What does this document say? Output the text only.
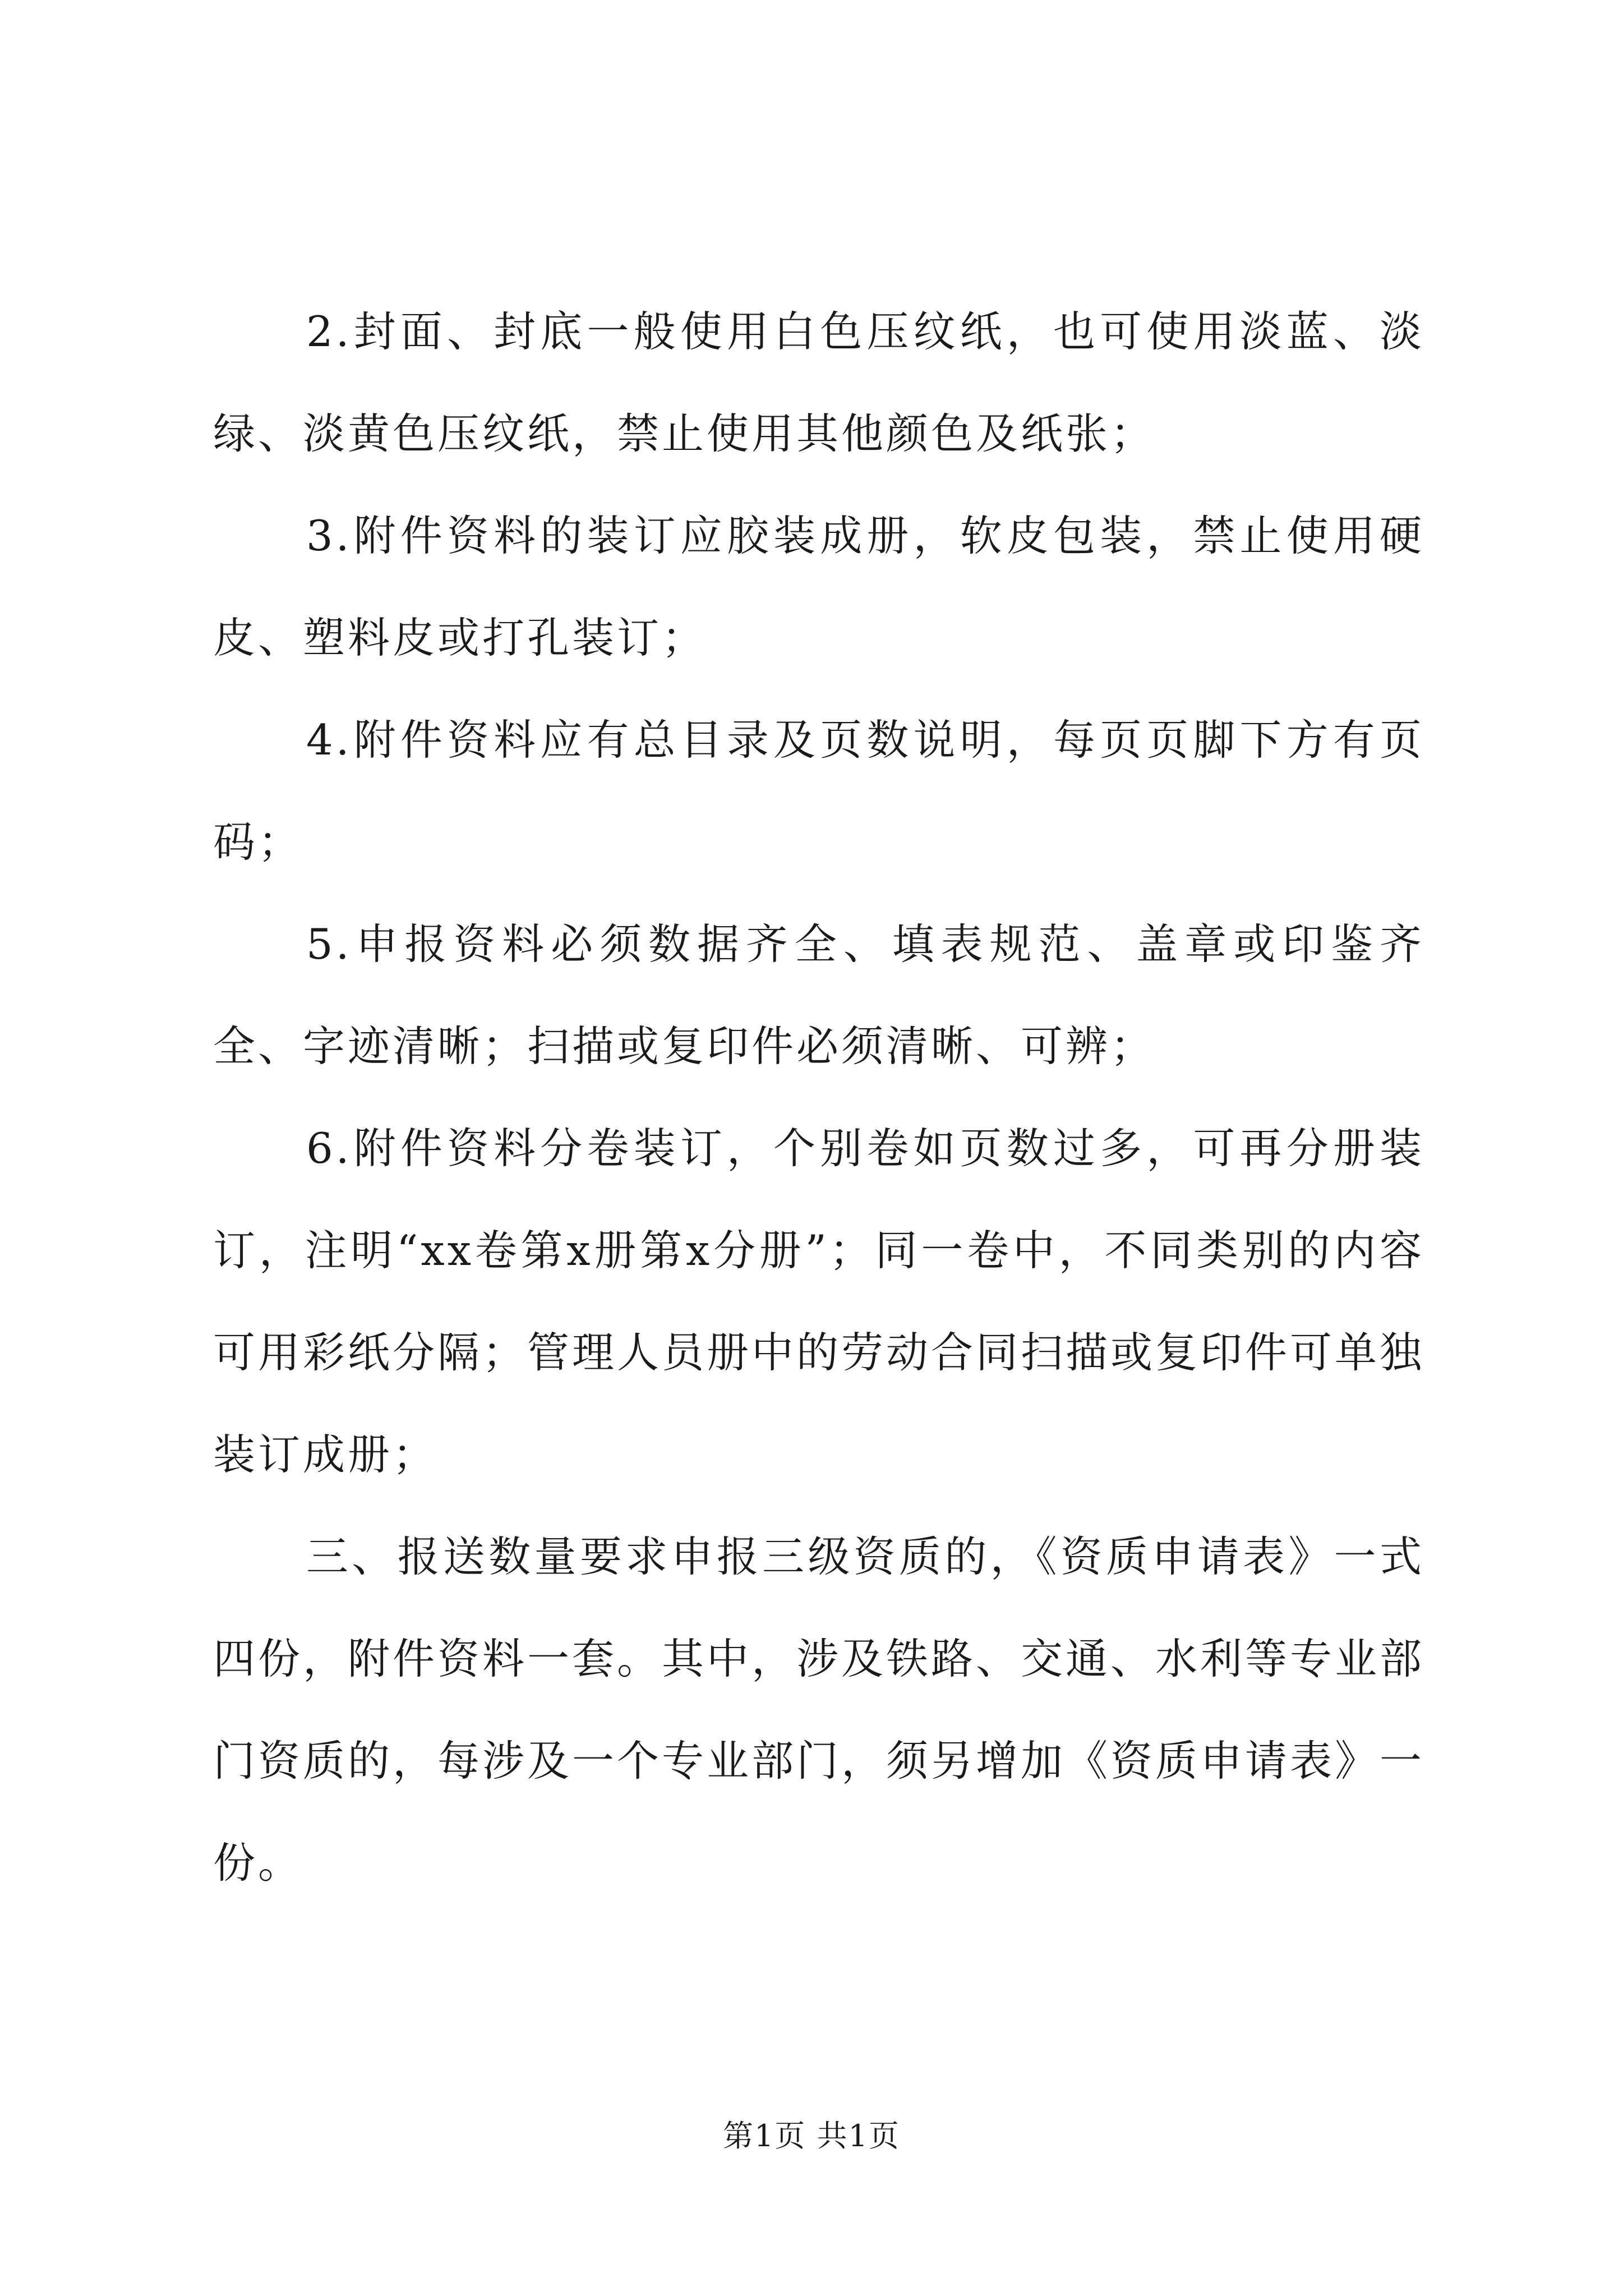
2.封面、封底一般使用白色压纹纸，也可使用淡蓝、淡绿、淡黄色压纹纸，禁止使用其他颜色及纸张；

3.附件资料的装订应胶装成册，软皮包装，禁止使用硬皮、塑料皮或打孔装订；

4.附件资料应有总目录及页数说明，每页页脚下方有页码；

5.申报资料必须数据齐全、填表规范、盖章或印鉴齐全、字迹清晰；扫描或复印件必须清晰、可辨；

6.附件资料分卷装订，个别卷如页数过多，可再分册装订，注明“xx卷第x册第x分册”；同一卷中，不同类别的内容可用彩纸分隔；管理人员册中的劳动合同扫描或复印件可单独装订成册；

三、报送数量要求申报三级资质的，《资质申请表》一式四份，附件资料一套。其中，涉及铁路、交通、水利等专业部门资质的，每涉及一个专业部门，须另增加《资质申请表》一份。

第1页 共1页
